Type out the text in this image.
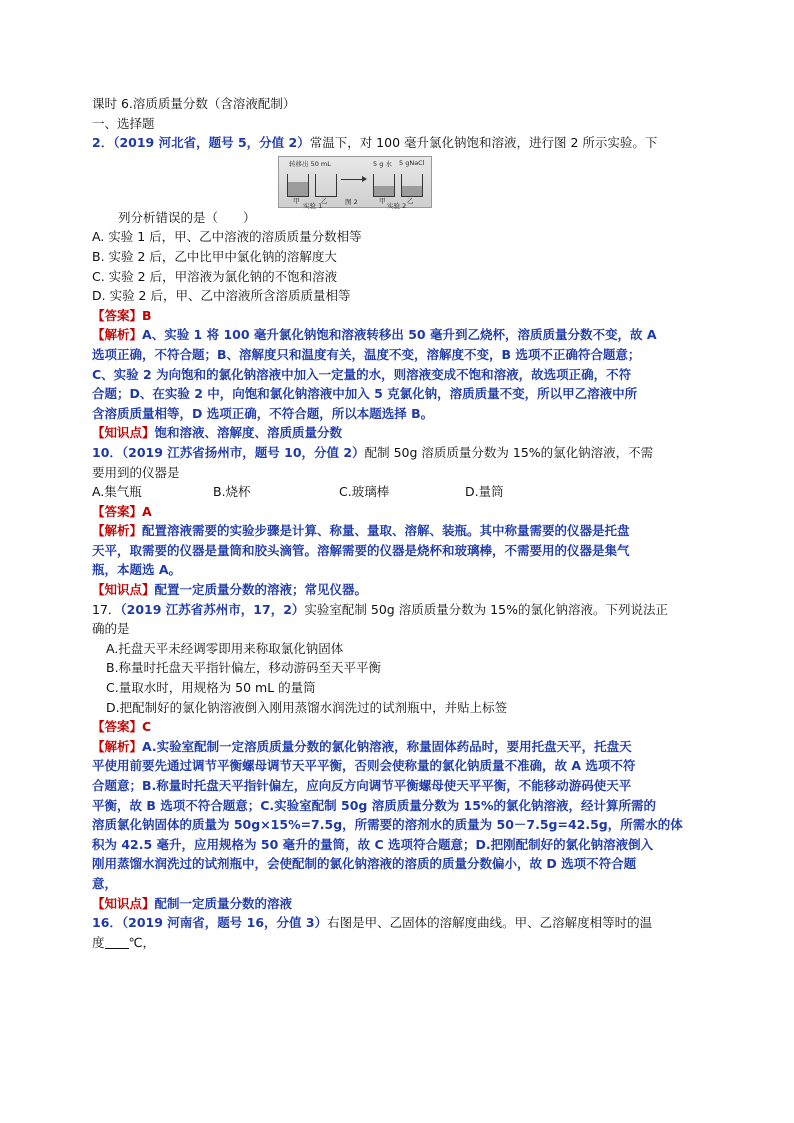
课时 6.溶质质量分数（含溶液配制）
一、选择题
2．（2019 河北省，题号 5，分值 2）常温下，对 100 毫升氯化钠饱和溶液，进行图 2 所示实验。下
转移出 50 mL	5 g 水 5 gNaCl
甲	乙	甲	乙
实验 1	图 2	实验 2
列分析错误的是（　　）
A. 实验 1 后，甲、乙中溶液的溶质质量分数相等
B. 实验 2 后，乙中比甲中氯化钠的溶解度大
C. 实验 2 后，甲溶液为氯化钠的不饱和溶液
D. 实验 2 后，甲、乙中溶液所含溶质质量相等
【答案】B
【解析】A、实验 1 将 100 毫升氯化钠饱和溶液转移出 50 毫升到乙烧杯，溶质质量分数不变，故 A
选项正确，不符合题；B、溶解度只和温度有关，温度不变，溶解度不变，B 选项不正确符合题意；
C、实验 2 为向饱和的氯化钠溶液中加入一定量的水，则溶液变成不饱和溶液，故选项正确，不符
合题；D、在实验 2 中，向饱和氯化钠溶液中加入 5 克氯化钠，溶质质量不变，所以甲乙溶液中所
含溶质质量相等，D 选项正确，不符合题，所以本题选择 B。
【知识点】饱和溶液、溶解度、溶质质量分数
10．（2019 江苏省扬州市，题号 10，分值 2）配制 50g 溶质质量分数为 15%的氯化钠溶液，不需
要用到的仪器是
A.集气瓶	B.烧杯	C.玻璃棒	D.量筒
【答案】A
【解析】配置溶液需要的实验步骤是计算、称量、量取、溶解、装瓶。其中称量需要的仪器是托盘
天平，取需要的仪器是量筒和胶头滴管。溶解需要的仪器是烧杯和玻璃棒，不需要用的仪器是集气
瓶，本题选 A。
【知识点】配置一定质量分数的溶液；常见仪器。
17．（2019 江苏省苏州市，17，2）实验室配制 50g 溶质质量分数为 15%的氯化钠溶液。下列说法正
确的是
A.托盘天平未经调零即用来称取氯化钠固体
B.称量时托盘天平指针偏左，移动游码至天平平衡
C.量取水时，用规格为 50 mL 的量筒
D.把配制好的氯化钠溶液倒入刚用蒸馏水润洗过的试剂瓶中，并贴上标签
【答案】C
【解析】A.实验室配制一定溶质质量分数的氯化钠溶液，称量固体药品时，要用托盘天平，托盘天
平使用前要先通过调节平衡螺母调节天平平衡，否则会使称量的氯化钠质量不准确，故 A 选项不符
合题意；B.称量时托盘天平指针偏左，应向反方向调节平衡螺母使天平平衡，不能移动游码使天平
平衡，故 B 选项不符合题意；C.实验室配制 50g 溶质质量分数为 15%的氯化钠溶液，经计算所需的
溶质氯化钠固体的质量为 50g×15%=7.5g，所需要的溶剂水的质量为 50－7.5g=42.5g，所需水的体
积为 42.5 毫升，应用规格为 50 毫升的量筒，故 C 选项符合题意；D.把刚配制好的氯化钠溶液倒入
刚用蒸馏水润洗过的试剂瓶中，会使配制的氯化钠溶液的溶质的质量分数偏小，故 D 选项不符合题
意，
【知识点】配制一定质量分数的溶液
16．（2019 河南省，题号 16，分值 3）右图是甲、乙固体的溶解度曲线。甲、乙溶解度相等时的温
度 ℃，
